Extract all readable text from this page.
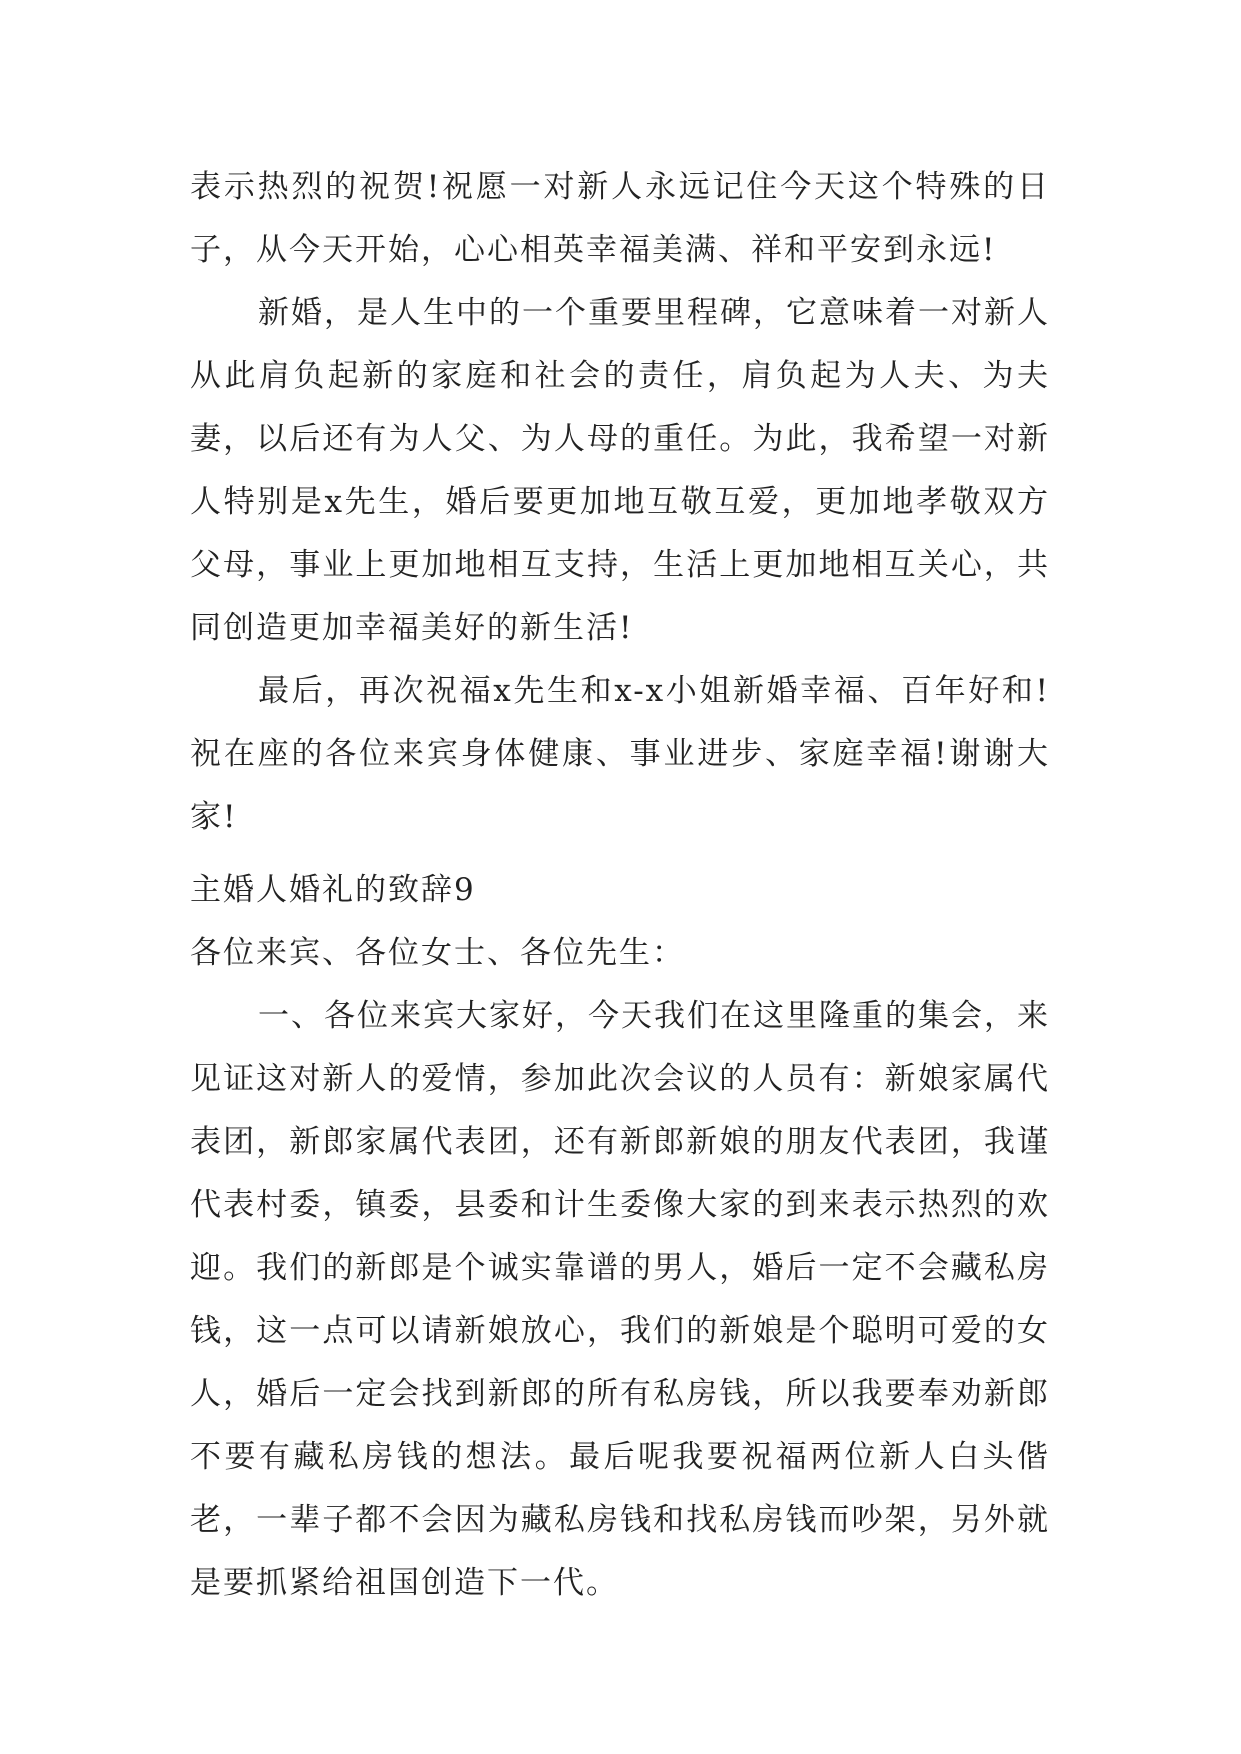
表示热烈的祝贺!祝愿一对新人永远记住今天这个特殊的日子，从今天开始，心心相英幸福美满、祥和平安到永远!

新婚，是人生中的一个重要里程碑，它意味着一对新人从此肩负起新的家庭和社会的责任，肩负起为人夫、为夫妻，以后还有为人父、为人母的重任。为此，我希望一对新人特别是x先生，婚后要更加地互敬互爱，更加地孝敬双方父母，事业上更加地相互支持，生活上更加地相互关心，共同创造更加幸福美好的新生活!

最后，再次祝福x先生和x-x小姐新婚幸福、百年好和!祝在座的各位来宾身体健康、事业进步、家庭幸福!谢谢大家!

主婚人婚礼的致辞9

各位来宾、各位女士、各位先生：

一、各位来宾大家好，今天我们在这里隆重的集会，来见证这对新人的爱情，参加此次会议的人员有：新娘家属代表团，新郎家属代表团，还有新郎新娘的朋友代表团，我谨代表村委，镇委，县委和计生委像大家的到来表示热烈的欢迎。我们的新郎是个诚实靠谱的男人，婚后一定不会藏私房钱，这一点可以请新娘放心，我们的新娘是个聪明可爱的女人，婚后一定会找到新郎的所有私房钱，所以我要奉劝新郎不要有藏私房钱的想法。最后呢我要祝福两位新人白头偕老，一辈子都不会因为藏私房钱和找私房钱而吵架，另外就是要抓紧给祖国创造下一代。
